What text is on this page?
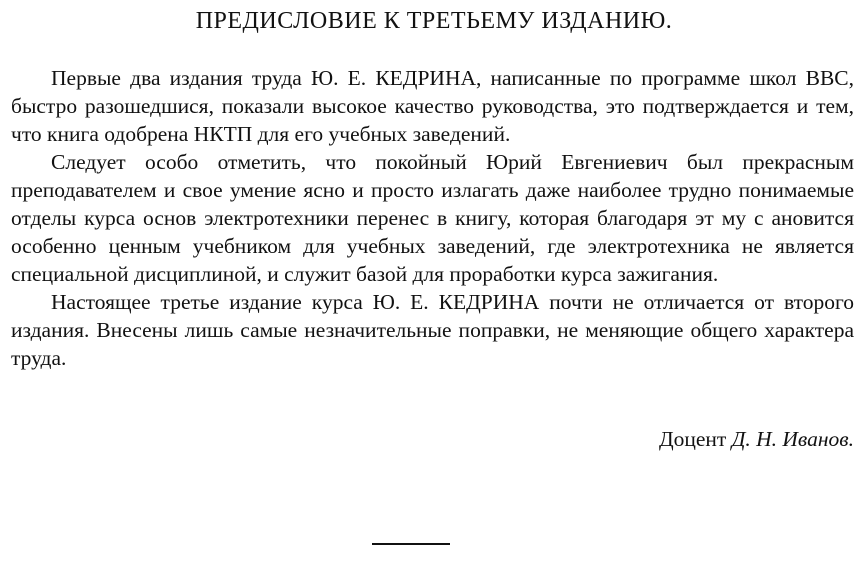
ПРЕДИСЛОВИЕ К ТРЕТЬЕМУ ИЗДАНИЮ.

Первые два издания труда Ю. Е. КЕДРИНА, написанные по программе школ ВВС, быстро разошедшися, показали высокое качество руководства, это подтверждается и тем, что книга одобрена НКТП для его учебных заведений.

Следует особо отметить, что покойный Юрий Евгениевич был прекрасным преподавателем и свое умение ясно и просто излагать даже наиболее трудно понимаемые отделы курса основ электротехники перенес в книгу, которая благодаря эт му с ановится особенно ценным учебником для учебных заведений, где электротехника не является специальной дисциплиной, и служит базой для проработки курса зажигания.

Настоящее третье издание курса Ю. Е. КЕДРИНА почти не отличается от второго издания. Внесены лишь самые незначительные поправки, не меняющие общего характера труда.

Доцент Д. Н. Иванов.
